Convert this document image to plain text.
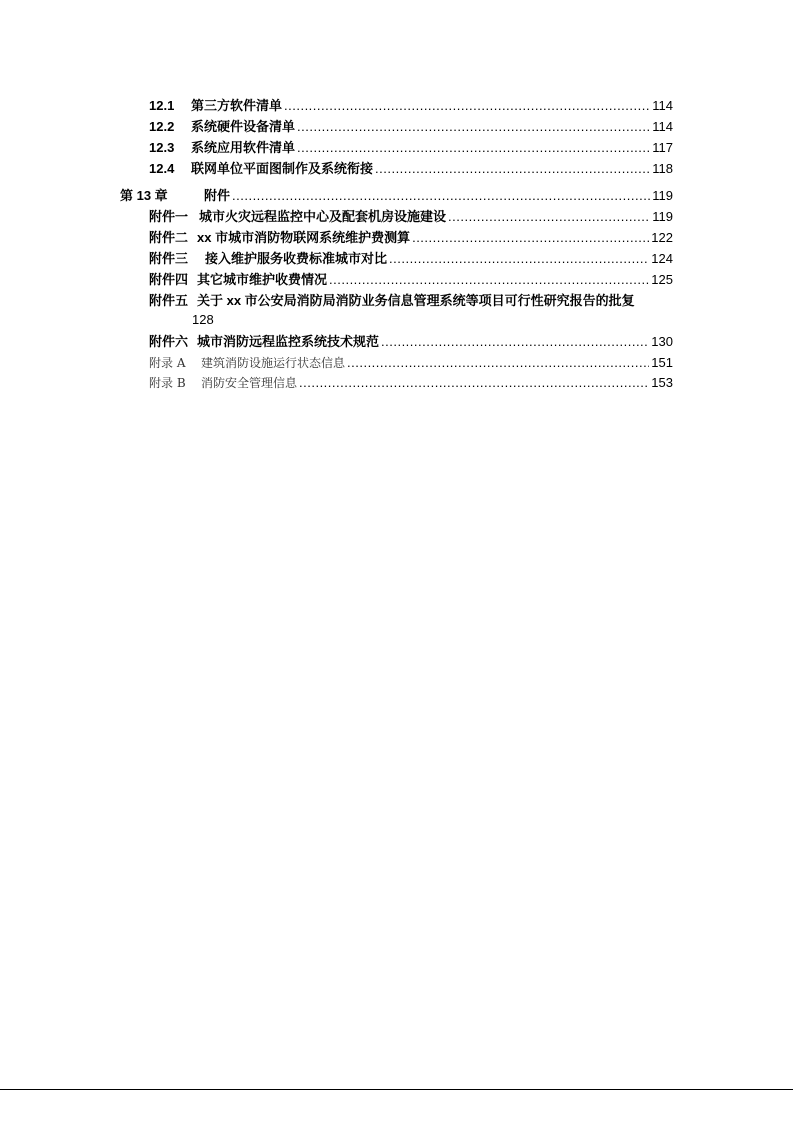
12.1	第三方软件清单 .....	114
12.2	系统硬件设备清单 .....	114
12.3	系统应用软件清单 .....	117
12.4	联网单位平面图制作及系统衔接 .....	118
第 13 章	附件 .....	119
附件一 城市火灾远程监控中心及配套机房设施建设 .....	119
附件二 xx 市城市消防物联网系统维护费测算 .....	122
附件三	接入维护服务收费标准城市对比 .....	124
附件四 其它城市维护收费情况 .....	125
附件五 关于 xx 市公安局消防局消防业务信息管理系统等项目可行性研究报告的批复
128
附件六 城市消防远程监控系统技术规范 .....	130
附录 A	建筑消防设施运行状态信息 .....	151
附录 B	消防安全管理信息 .....	153
